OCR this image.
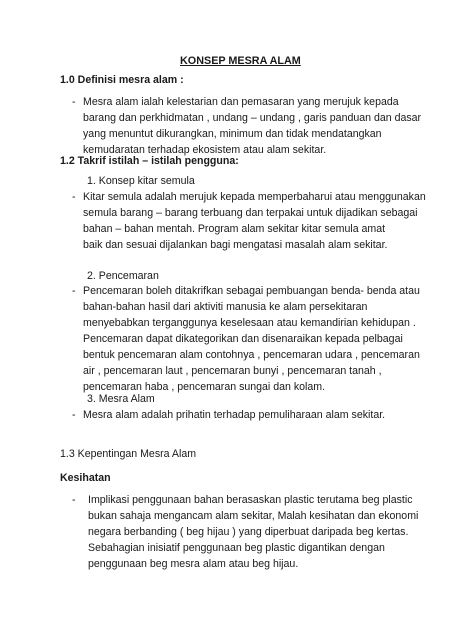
KONSEP MESRA ALAM
1.0 Definisi mesra alam :
- Mesra alam ialah kelestarian dan pemasaran yang merujuk kepada
barang dan perkhidmatan , undang – undang , garis panduan dan dasar
yang menuntut dikurangkan, minimum dan tidak mendatangkan
kemudaratan terhadap ekosistem atau alam sekitar.
1.2 Takrif istilah – istilah pengguna:
1. Konsep kitar semula
- Kitar semula adalah merujuk kepada memperbaharui atau menggunakan
semula barang – barang terbuang dan terpakai untuk dijadikan sebagai
bahan – bahan mentah. Program alam sekitar kitar semula amat
baik dan sesuai dijalankan bagi mengatasi masalah alam sekitar.
2. Pencemaran
- Pencemaran boleh ditakrifkan sebagai pembuangan benda- benda atau
bahan-bahan hasil dari aktiviti manusia ke alam persekitaran
menyebabkan terganggunya keselesaan atau kemandirian kehidupan .
Pencemaran dapat dikategorikan dan disenaraikan kepada pelbagai
bentuk pencemaran alam contohnya , pencemaran udara , pencemaran
air , pencemaran laut , pencemaran bunyi , pencemaran tanah ,
pencemaran haba , pencemaran sungai dan kolam.
3. Mesra Alam
- Mesra alam adalah prihatin terhadap pemuliharaan alam sekitar.
1.3 Kepentingan Mesra Alam
Kesihatan
- Implikasi penggunaan bahan berasaskan plastic terutama beg plastic
bukan sahaja mengancam alam sekitar, Malah kesihatan dan ekonomi
negara berbanding ( beg hijau ) yang diperbuat daripada beg kertas.
Sebahagian inisiatif penggunaan beg plastic digantikan dengan
penggunaan beg mesra alam atau beg hijau.
